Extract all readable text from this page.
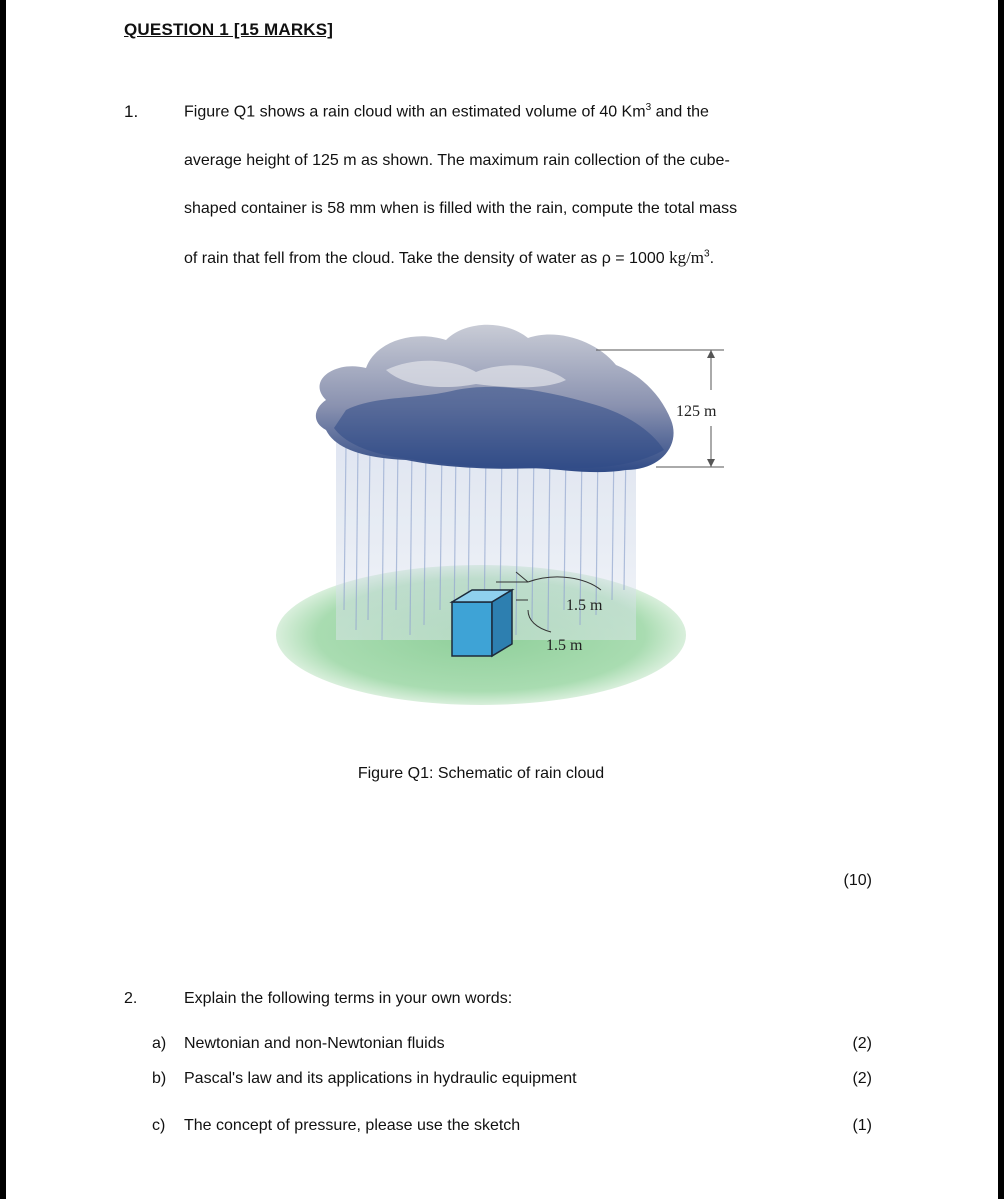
QUESTION 1 [15 MARKS]
1.	Figure Q1 shows a rain cloud with an estimated volume of 40 Km$^3$ and the
average height of 125 m as shown. The maximum rain collection of the cube-
shaped container is 58 mm when is filled with the rain, compute the total mass
of rain that fell from the cloud. Take the density of water as ρ = 1000 $kg/m^3$.
125 m
1.5 m
1.5 m
Figure Q1: Schematic of rain cloud
(10)
2.	Explain the following terms in your own words:
a) Newtonian and non-Newtonian fluids	(2)
b) Pascal's law and its applications in hydraulic equipment	(2)
c) The concept of pressure, please use the sketch	(1)
